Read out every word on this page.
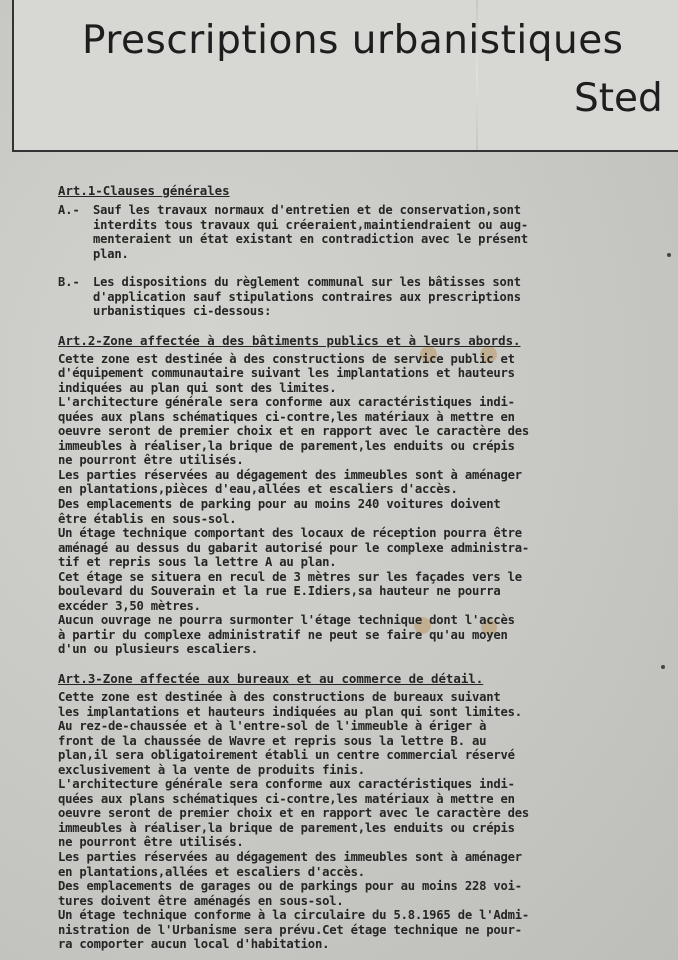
Prescriptions urbanistiques
Sted

Art.1-Clauses générales

A.-	Sauf les travaux normaux d'entretien et de conservation,sont
interdits tous travaux qui créeraient,maintiendraient ou aug-
menteraient un état existant en contradiction avec le présent
plan.
B.-	Les dispositions du règlement communal sur les bâtisses sont
d'application sauf stipulations contraires aux prescriptions
urbanistiques ci-dessous:

Art.2-Zone affectée à des bâtiments publics et à leurs abords.

Cette zone est destinée à des constructions de service public et
d'équipement communautaire suivant les implantations et hauteurs
indiquées au plan qui sont des limites.
L'architecture générale sera conforme aux caractéristiques indi-
quées aux plans schématiques ci-contre,les matériaux à mettre en
oeuvre seront de premier choix et en rapport avec le caractère des
immeubles à réaliser,la brique de parement,les enduits ou crépis
ne pourront être utilisés.
Les parties réservées au dégagement des immeubles sont à aménager
en plantations,pièces d'eau,allées et escaliers d'accès.
Des emplacements de parking pour au moins 240 voitures doivent
être établis en sous-sol.
Un étage technique comportant des locaux de réception pourra être
aménagé au dessus du gabarit autorisé pour le complexe administra-
tif et repris sous la lettre A au plan.
Cet étage se situera en recul de 3 mètres sur les façades vers le
boulevard du Souverain et la rue E.Idiers,sa hauteur ne pourra
excéder 3,50 mètres.
Aucun ouvrage ne pourra surmonter l'étage technique dont l'accès
à partir du complexe administratif ne peut se faire qu'au moyen
d'un ou plusieurs escaliers.

Art.3-Zone affectée aux bureaux et au commerce de détail.

Cette zone est destinée à des constructions de bureaux suivant
les implantations et hauteurs indiquées au plan qui sont limites.
Au rez-de-chaussée et à l'entre-sol de l'immeuble à ériger à
front de la chaussée de Wavre et repris sous la lettre B. au
plan,il sera obligatoirement établi un centre commercial réservé
exclusivement à la vente de produits finis.
L'architecture générale sera conforme aux caractéristiques indi-
quées aux plans schématiques ci-contre,les matériaux à mettre en
oeuvre seront de premier choix et en rapport avec le caractère des
immeubles à réaliser,la brique de parement,les enduits ou crépis
ne pourront être utilisés.
Les parties réservées au dégagement des immeubles sont à aménager
en plantations,allées et escaliers d'accès.
Des emplacements de garages ou de parkings pour au moins 228 voi-
tures doivent être aménagés en sous-sol.
Un étage technique conforme à la circulaire du 5.8.1965 de l'Admi-
nistration de l'Urbanisme sera prévu.Cet étage technique ne pour-
ra comporter aucun local d'habitation.
